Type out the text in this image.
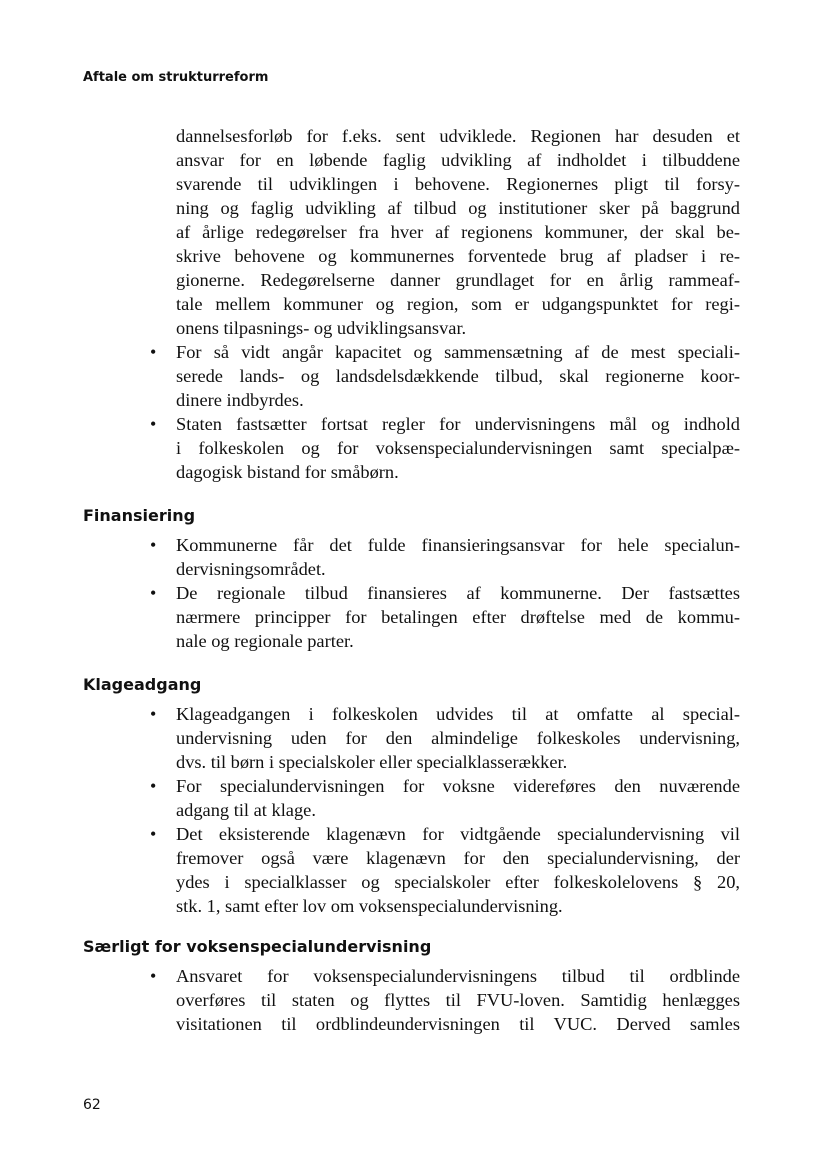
Aftale om strukturreform
dannelsesforløb for f.eks. sent udviklede. Regionen har desuden et
ansvar for en løbende faglig udvikling af indholdet i tilbuddene
svarende til udviklingen i behovene. Regionernes pligt til forsy-
ning og faglig udvikling af tilbud og institutioner sker på baggrund
af årlige redegørelser fra hver af regionens kommuner, der skal be-
skrive behovene og kommunernes forventede brug af pladser i re-
gionerne. Redegørelserne danner grundlaget for en årlig rammeaf-
tale mellem kommuner og region, som er udgangspunktet for regi-
onens tilpasnings- og udviklingsansvar.
• For så vidt angår kapacitet og sammensætning af de mest speciali-
serede lands- og landsdelsdækkende tilbud, skal regionerne koor-
dinere indbyrdes.
• Staten fastsætter fortsat regler for undervisningens mål og indhold
i folkeskolen og for voksenspecialundervisningen samt specialpæ-
dagogisk bistand for småbørn.
Finansiering
• Kommunerne får det fulde finansieringsansvar for hele specialun-
dervisningsområdet.
• De regionale tilbud finansieres af kommunerne. Der fastsættes
nærmere principper for betalingen efter drøftelse med de kommu-
nale og regionale parter.
Klageadgang
• Klageadgangen i folkeskolen udvides til at omfatte al special-
undervisning uden for den almindelige folkeskoles undervisning,
dvs. til børn i specialskoler eller specialklasserækker.
• For specialundervisningen for voksne videreføres den nuværende
adgang til at klage.
• Det eksisterende klagenævn for vidtgående specialundervisning vil
fremover også være klagenævn for den specialundervisning, der
ydes i specialklasser og specialskoler efter folkeskolelovens § 20,
stk. 1, samt efter lov om voksenspecialundervisning.
Særligt for voksenspecialundervisning
• Ansvaret for voksenspecialundervisningens tilbud til ordblinde
overføres til staten og flyttes til FVU-loven. Samtidig henlægges
visitationen til ordblindeundervisningen til VUC. Derved samles
62
